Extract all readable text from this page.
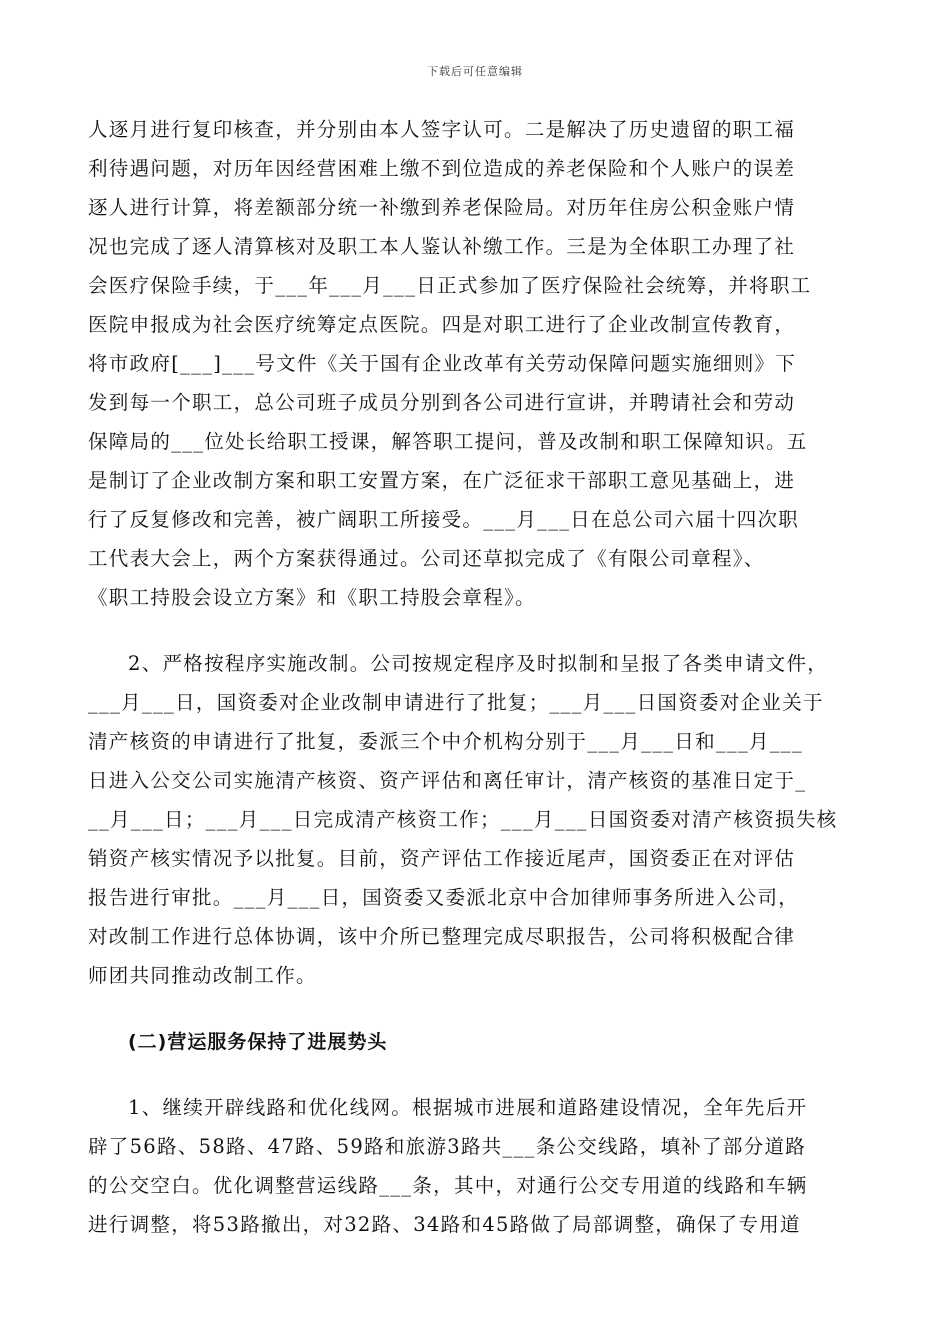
下载后可任意编辑
人逐月进行复印核查，并分别由本人签字认可。二是解决了历史遗留的职工福
利待遇问题，对历年因经营困难上缴不到位造成的养老保险和个人账户的误差
逐人进行计算，将差额部分统一补缴到养老保险局。对历年住房公积金账户情
况也完成了逐人清算核对及职工本人鉴认补缴工作。三是为全体职工办理了社
会医疗保险手续，于___年___月___日正式参加了医疗保险社会统筹，并将职工
医院申报成为社会医疗统筹定点医院。四是对职工进行了企业改制宣传教育，
将市政府[___]___号文件《关于国有企业改革有关劳动保障问题实施细则》下
发到每一个职工，总公司班子成员分别到各公司进行宣讲，并聘请社会和劳动
保障局的___位处长给职工授课，解答职工提问，普及改制和职工保障知识。五
是制订了企业改制方案和职工安置方案，在广泛征求干部职工意见基础上，进
行了反复修改和完善，被广阔职工所接受。___月___日在总公司六届十四次职
工代表大会上，两个方案获得通过。公司还草拟完成了《有限公司章程》、
《职工持股会设立方案》和《职工持股会章程》。
2、严格按程序实施改制。公司按规定程序及时拟制和呈报了各类申请文件，
___月___日，国资委对企业改制申请进行了批复；___月___日国资委对企业关于
清产核资的申请进行了批复，委派三个中介机构分别于___月___日和___月___
日进入公交公司实施清产核资、资产评估和离任审计，清产核资的基准日定于_
__月___日；___月___日完成清产核资工作；___月___日国资委对清产核资损失核
销资产核实情况予以批复。目前，资产评估工作接近尾声，国资委正在对评估
报告进行审批。___月___日，国资委又委派北京中合加律师事务所进入公司，
对改制工作进行总体协调，该中介所已整理完成尽职报告，公司将积极配合律
师团共同推动改制工作。
(二)营运服务保持了进展势头
1、继续开辟线路和优化线网。根据城市进展和道路建设情况，全年先后开
辟了56路、58路、47路、59路和旅游3路共___条公交线路，填补了部分道路
的公交空白。优化调整营运线路___条，其中，对通行公交专用道的线路和车辆
进行调整，将53路撤出，对32路、34路和45路做了局部调整，确保了专用道
